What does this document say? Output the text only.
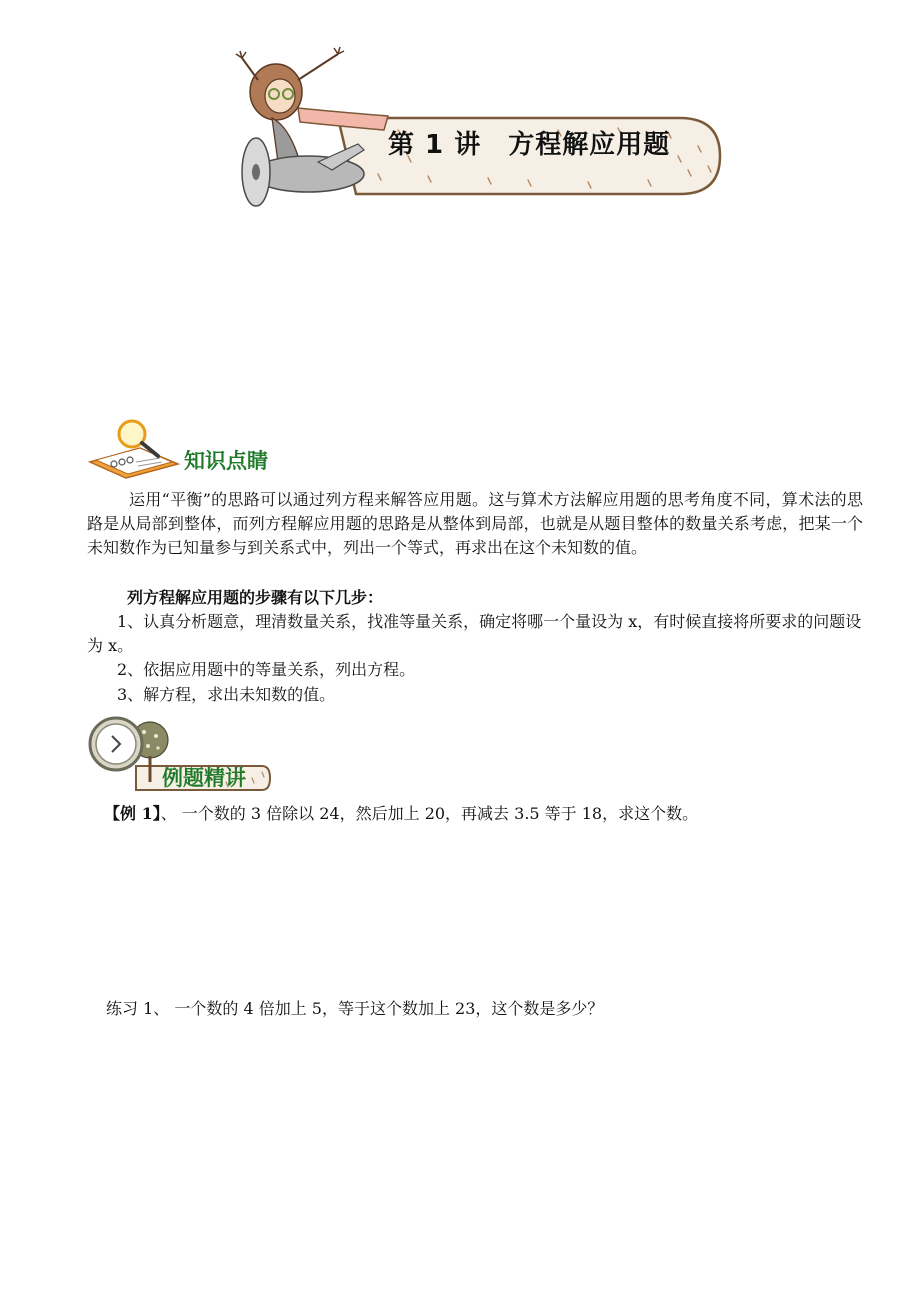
第 1 讲　方程解应用题
知识点睛
运用“平衡”的思路可以通过列方程来解答应用题。这与算术方法解应用题的思考角度不同，算术法的思路是从局部到整体，而列方程解应用题的思路是从整体到局部，也就是从题目整体的数量关系考虑，把某一个未知数作为已知量参与到关系式中，列出一个等式，再求出在这个未知数的值。
列方程解应用题的步骤有以下几步：
1、认真分析题意，理清数量关系，找准等量关系，确定将哪一个量设为 x，有时候直接将所要求的问题设为 x。
2、依据应用题中的等量关系，列出方程。
3、解方程，求出未知数的值。
例题精讲
【例 1】、 一个数的 3 倍除以 24，然后加上 20，再减去 3.5 等于 18，求这个数。
练习 1、 一个数的 4 倍加上 5，等于这个数加上 23，这个数是多少？
